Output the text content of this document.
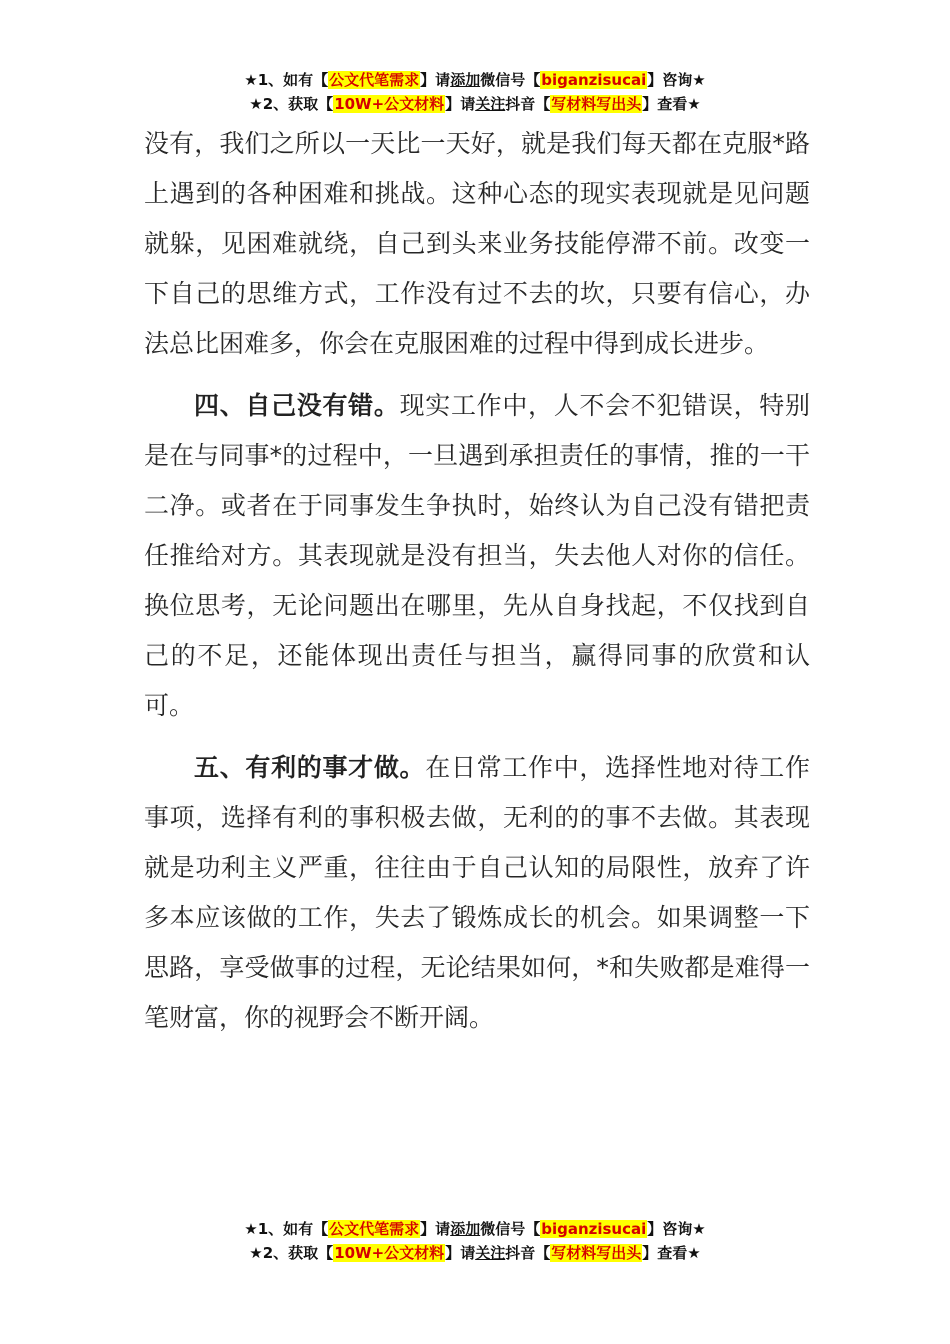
★1、如有【公文代笔需求】请添加微信号【biganzisucai】咨询★
★2、获取【10W+公文材料】请关注抖音【写材料写出头】查看★

没有，我们之所以一天比一天好，就是我们每天都在克服*路上遇到的各种困难和挑战。这种心态的现实表现就是见问题就躲，见困难就绕，自己到头来业务技能停滞不前。改变一下自己的思维方式，工作没有过不去的坎，只要有信心，办法总比困难多，你会在克服困难的过程中得到成长进步。

四、自己没有错。现实工作中，人不会不犯错误，特别是在与同事*的过程中，一旦遇到承担责任的事情，推的一干二净。或者在于同事发生争执时，始终认为自己没有错把责任推给对方。其表现就是没有担当，失去他人对你的信任。换位思考，无论问题出在哪里，先从自身找起，不仅找到自己的不足，还能体现出责任与担当，赢得同事的欣赏和认可。

五、有利的事才做。在日常工作中，选择性地对待工作事项，选择有利的事积极去做，无利的的事不去做。其表现就是功利主义严重，往往由于自己认知的局限性，放弃了许多本应该做的工作，失去了锻炼成长的机会。如果调整一下思路，享受做事的过程，无论结果如何，*和失败都是难得一笔财富，你的视野会不断开阔。

★1、如有【公文代笔需求】请添加微信号【biganzisucai】咨询★
★2、获取【10W+公文材料】请关注抖音【写材料写出头】查看★
